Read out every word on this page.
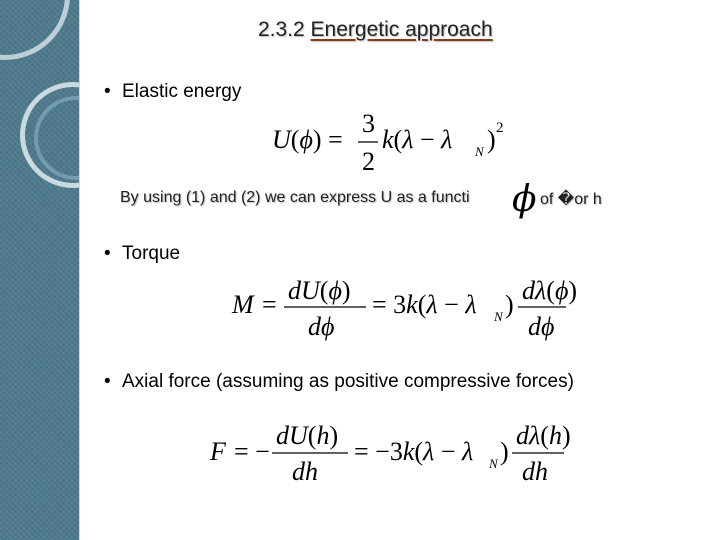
2.3.2 Energetic approach
• Elastic energy
U(ϕ) =
3
2
k(λ − λ N ) 2
By using (1) and (2) we can express U as a functi ϕ of �or h
• Torque
M = dU(ϕ)
dϕ
= 3k(λ − λ N ) dλ(ϕ)
dϕ
• Axial force (assuming as positive compressive forces)
F = −
dU(h)
dh
= −3k(λ − λ N )
dλ(h)
dh
